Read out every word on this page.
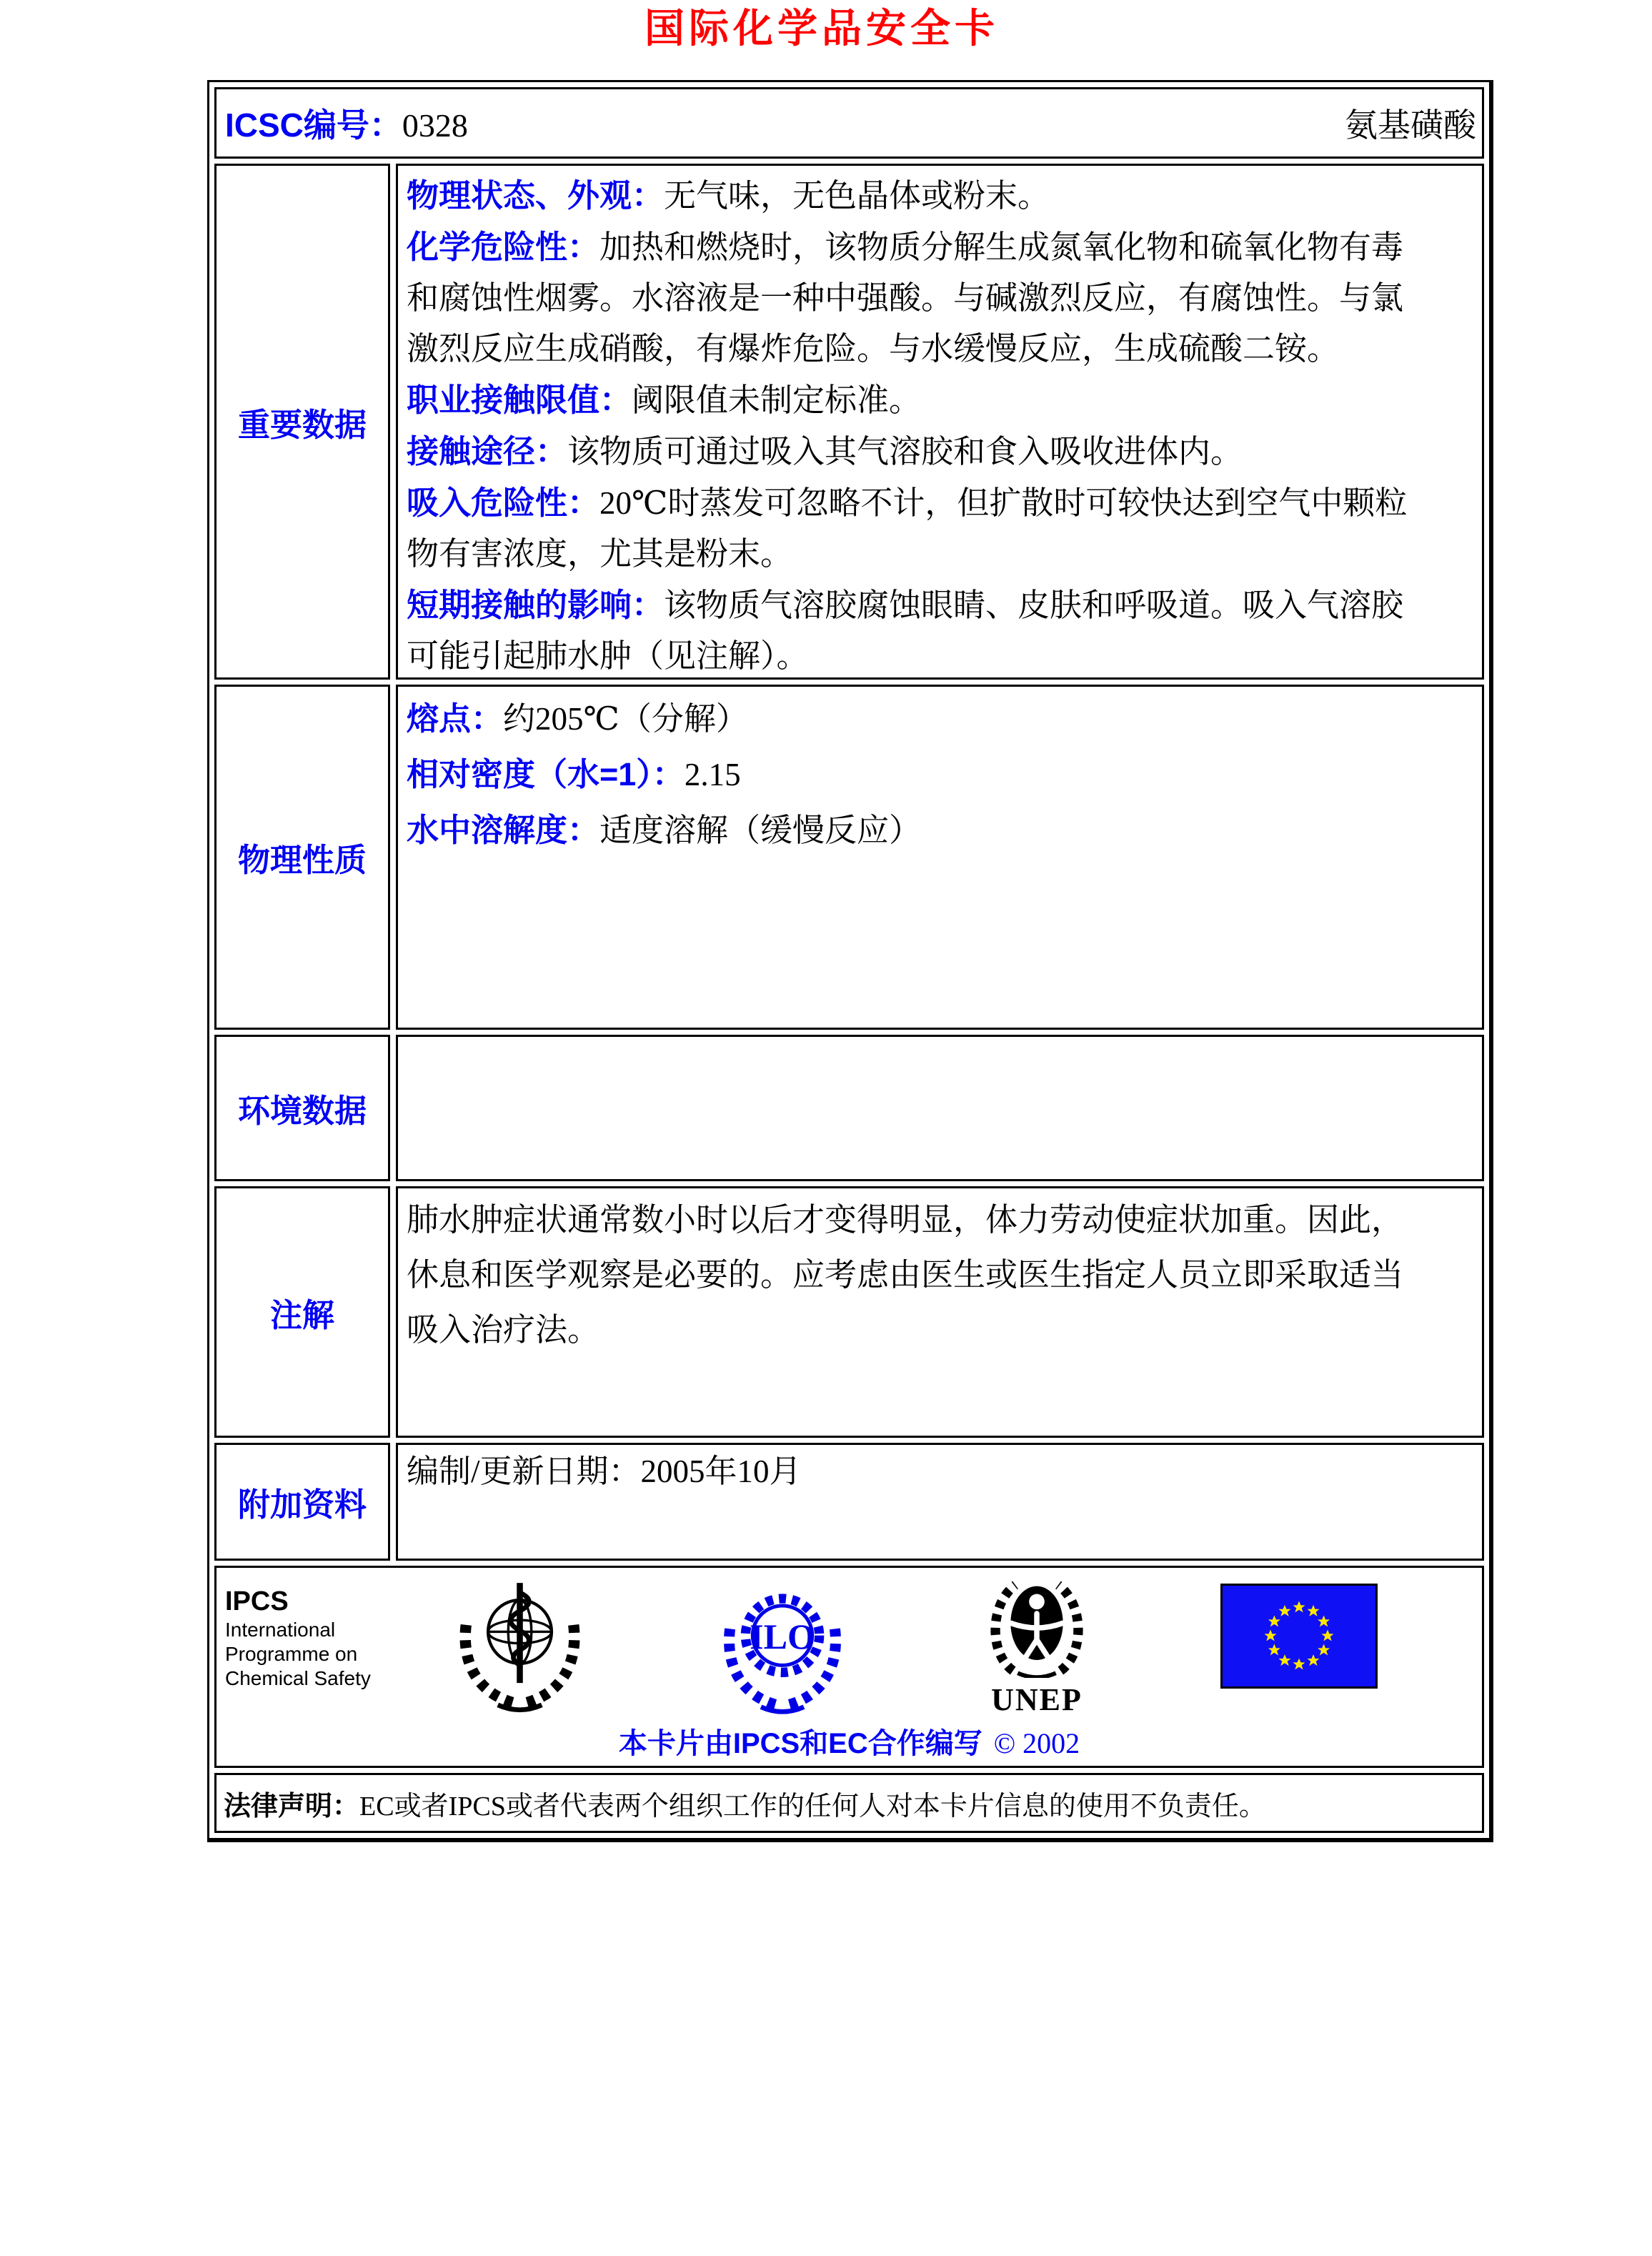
国际化学品安全卡
ICSC编号：0328	氨基磺酸
重要数据
物理状态、外观：无气味，无色晶体或粉末。
化学危险性：加热和燃烧时，该物质分解生成氮氧化物和硫氧化物有毒
和腐蚀性烟雾。水溶液是一种中强酸。与碱激烈反应，有腐蚀性。与氯
激烈反应生成硝酸，有爆炸危险。与水缓慢反应，生成硫酸二铵。
职业接触限值：阈限值未制定标准。
接触途径：该物质可通过吸入其气溶胶和食入吸收进体内。
吸入危险性：20℃时蒸发可忽略不计，但扩散时可较快达到空气中颗粒
物有害浓度，尤其是粉末。
短期接触的影响：该物质气溶胶腐蚀眼睛、皮肤和呼吸道。吸入气溶胶
可能引起肺水肿（见注解）。
物理性质
熔点：约205℃（分解）
相对密度（水=1）：2.15
水中溶解度：适度溶解（缓慢反应）
环境数据
注解
肺水肿症状通常数小时以后才变得明显，体力劳动使症状加重。因此，
休息和医学观察是必要的。应考虑由医生或医生指定人员立即采取适当
吸入治疗法。
附加资料
编制/更新日期：2005年10月
IPCS
International
Programme on
Chemical Safety
ILO
UNEP
本卡片由IPCS和EC合作编写 © 2002
法律声明： EC或者IPCS或者代表两个组织工作的任何人对本卡片信息的使用不负责任。
